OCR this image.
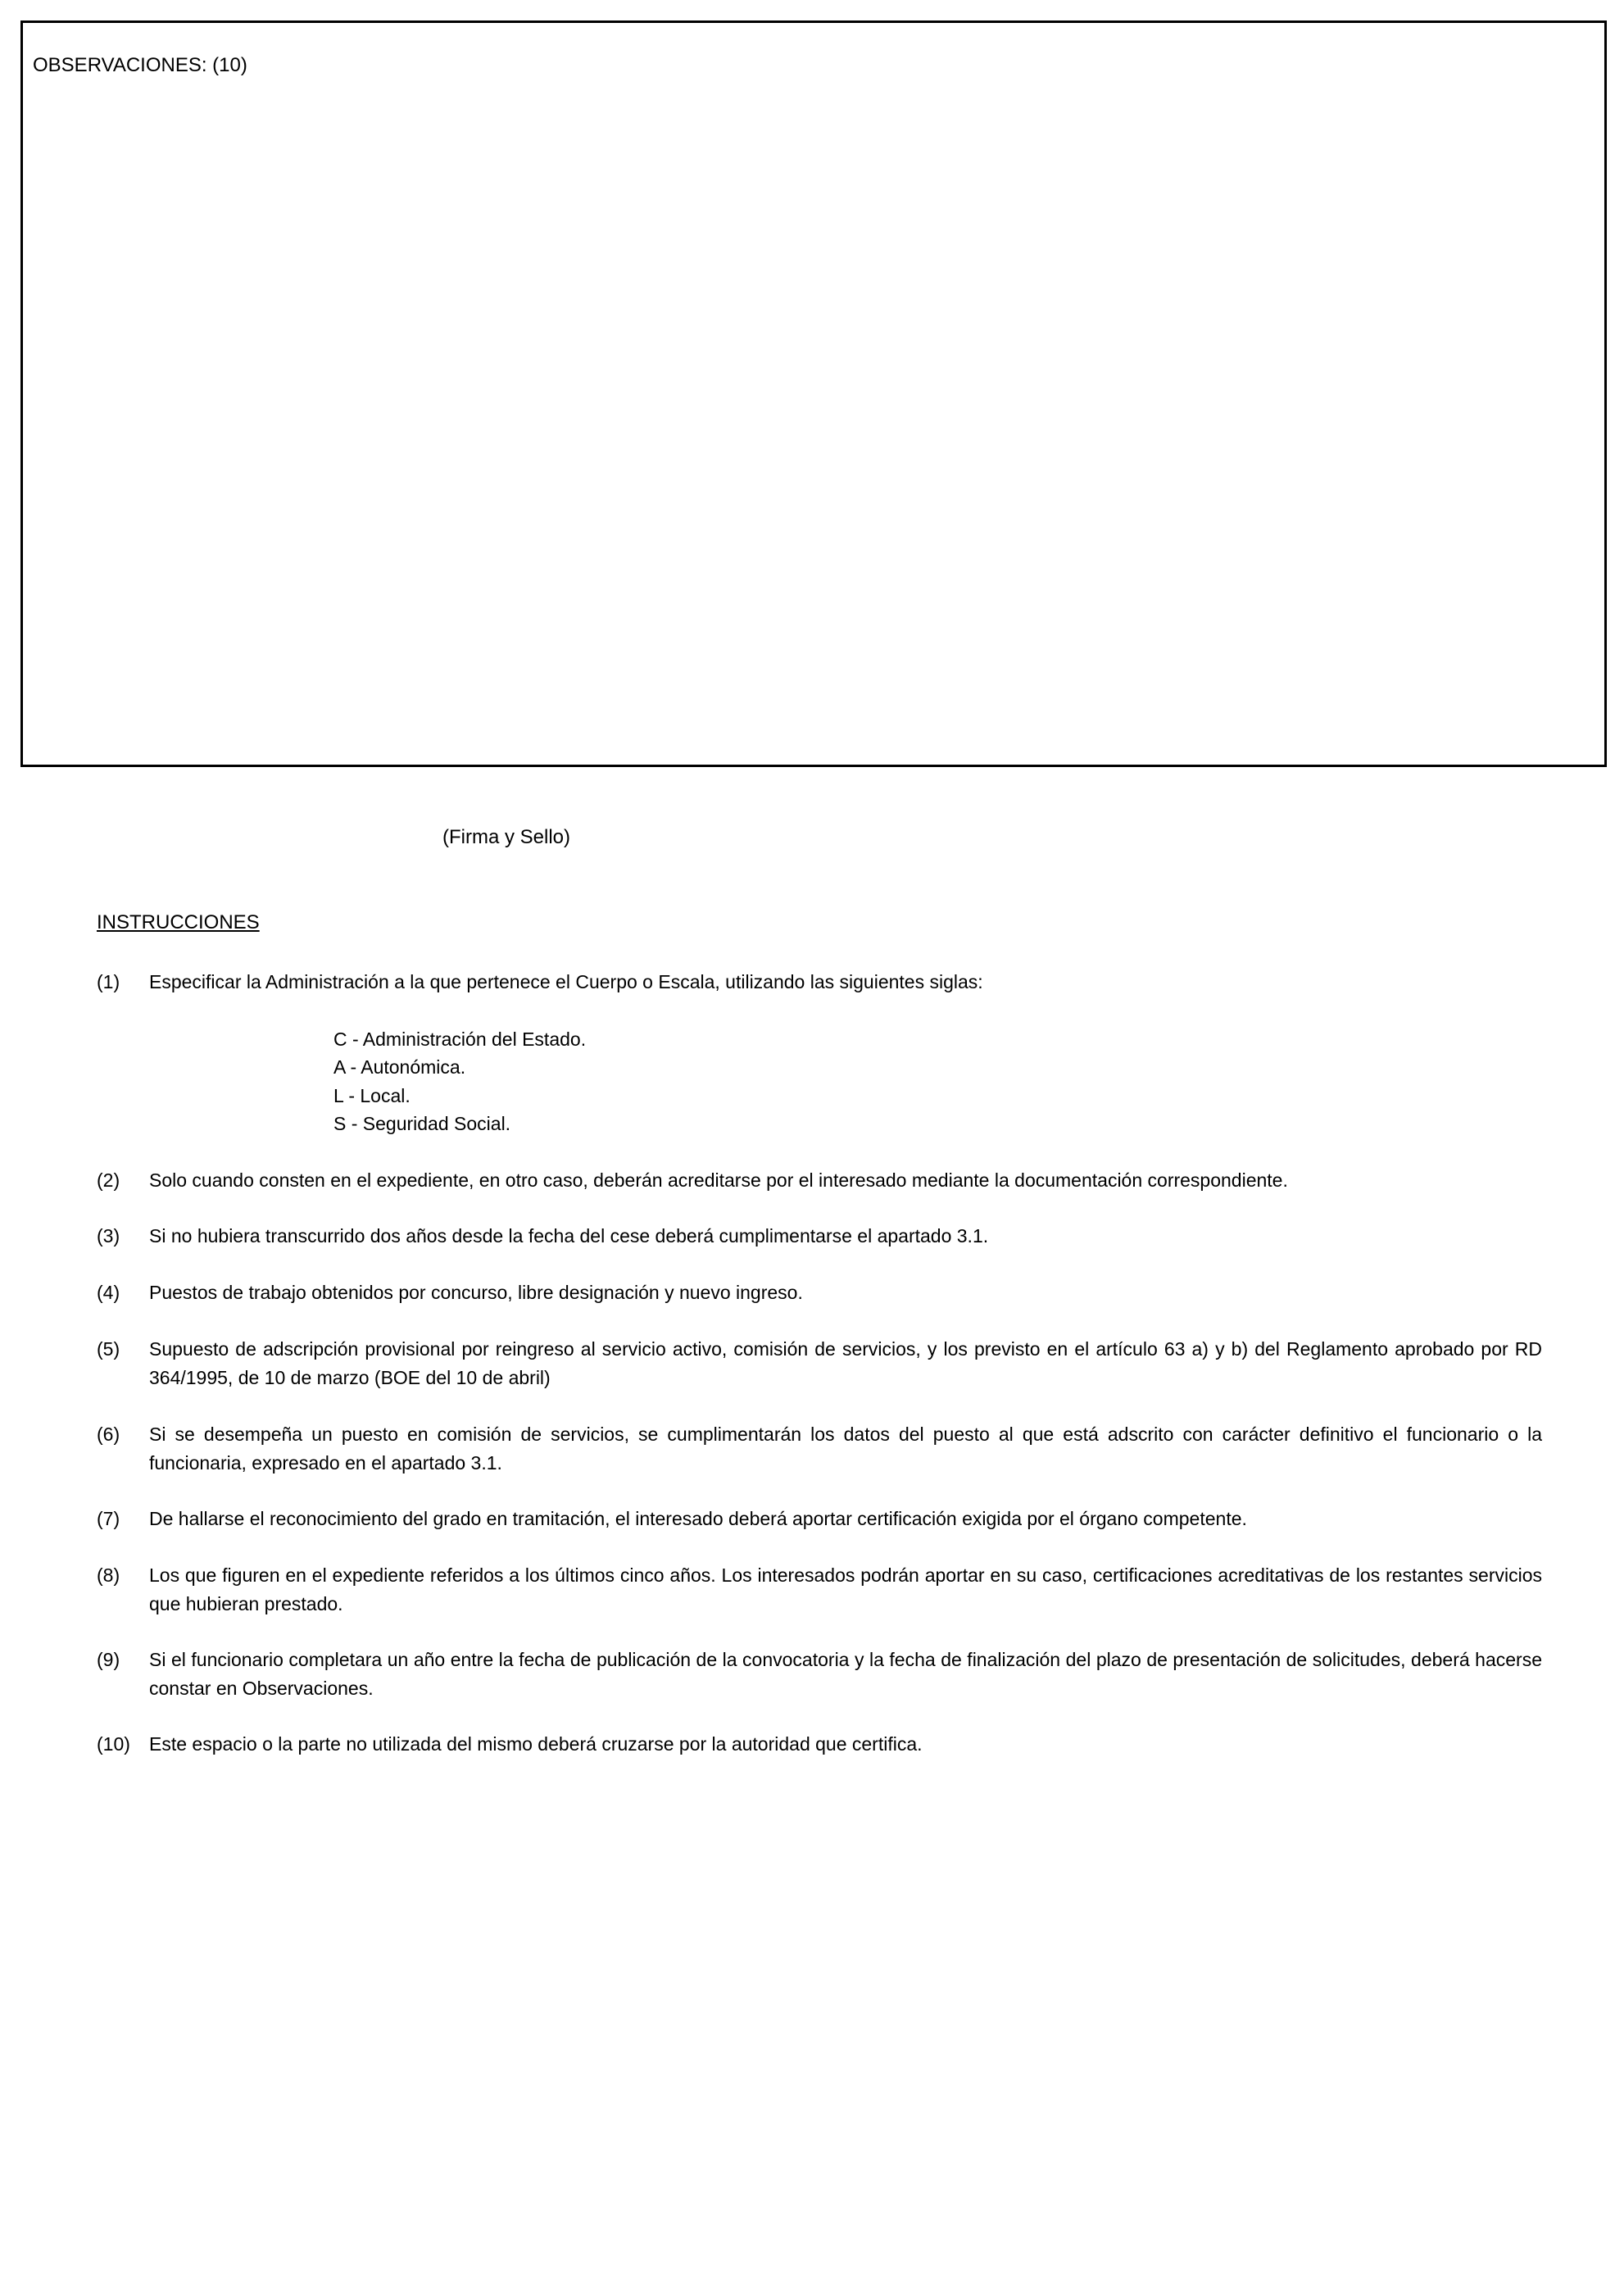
OBSERVACIONES: (10)
(Firma y Sello)
INSTRUCCIONES
(1) Especificar la Administración a la que pertenece el Cuerpo o Escala, utilizando las siguientes siglas:
C - Administración del Estado.
A - Autonómica.
L - Local.
S - Seguridad Social.
(2) Solo cuando consten en el expediente, en otro caso, deberán acreditarse por el interesado mediante la documentación correspondiente.
(3) Si no hubiera transcurrido dos años desde la fecha del cese deberá cumplimentarse el apartado 3.1.
(4) Puestos de trabajo obtenidos por concurso, libre designación y nuevo ingreso.
(5) Supuesto de adscripción provisional por reingreso al servicio activo, comisión de servicios, y los previsto en el artículo 63 a) y b) del Reglamento aprobado por RD 364/1995, de 10 de marzo (BOE del 10 de abril)
(6) Si se desempeña un puesto en comisión de servicios, se cumplimentarán los datos del puesto al que está adscrito con carácter definitivo el funcionario o la funcionaria, expresado en el apartado 3.1.
(7) De hallarse el reconocimiento del grado en tramitación, el interesado deberá aportar certificación exigida por el órgano competente.
(8) Los que figuren en el expediente referidos a los últimos cinco años. Los interesados podrán aportar en su caso, certificaciones acreditativas de los restantes servicios que hubieran prestado.
(9) Si el funcionario completara un año entre la fecha de publicación de la convocatoria y la fecha de finalización del plazo de presentación de solicitudes, deberá hacerse constar en Observaciones.
(10) Este espacio o la parte no utilizada del mismo deberá cruzarse por la autoridad que certifica.
